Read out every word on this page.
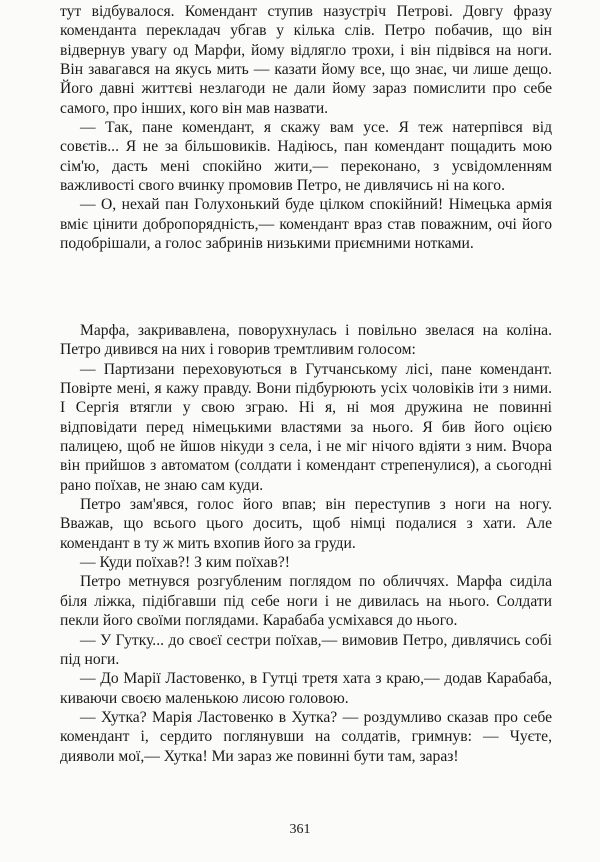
тут відбувалося. Комендант ступив назустріч Петрові. Довгу фразу коменданта перекладач убгав у кілька слів. Петро побачив, що він відвернув увагу од Марфи, йому відлягло трохи, і він підвівся на ноги. Він завагався на якусь мить — казати йому все, що знає, чи лише дещо. Його давні життєві незлагоди не дали йому зараз помислити про себе самого, про інших, кого він мав назвати.

— Так, пане комендант, я скажу вам усе. Я теж натерпівся від совєтів... Я не за більшовиків. Надіюсь, пан комендант пощадить мою сім'ю, дасть мені спокійно жити,— переконано, з усвідомленням важливості свого вчинку промовив Петро, не дивлячись ні на кого.

— О, нехай пан Голухонький буде цілком спокійний! Німецька армія вміє цінити добропорядність,— комендант враз став поважним, очі його подобрішали, а голос забринів низькими приємними нотками.

Марфа, закривавлена, поворухнулась і повільно звелася на коліна. Петро дивився на них і говорив тремтливим голосом:

— Партизани переховуються в Гутчанському лісі, пане комендант. Повірте мені, я кажу правду. Вони підбурюють усіх чоловіків іти з ними. І Сергія втягли у свою зграю. Ні я, ні моя дружина не повинні відповідати перед німецькими властями за нього. Я бив його оцією палицею, щоб не йшов нікуди з села, і не міг нічого вдіяти з ним. Вчора він прийшов з автоматом (солдати і комендант стрепенулися), а сьогодні рано поїхав, не знаю сам куди.

Петро зам'явся, голос його впав; він переступив з ноги на ногу. Вважав, що всього цього досить, щоб німці подалися з хати. Але комендант в ту ж мить вхопив його за груди.

— Куди поїхав?! З ким поїхав?!

Петро метнувся розгубленим поглядом по обличчях. Марфа сиділа біля ліжка, підібгавши під себе ноги і не дивилась на нього. Солдати пекли його своїми поглядами. Карабаба усміхався до нього.

— У Гутку... до своєї сестри поїхав,— вимовив Петро, дивлячись собі під ноги.

— До Марії Ластовенко, в Гутці третя хата з краю,— додав Карабаба, киваючи своєю маленькою лисою головою.

— Хутка? Марія Ластовенко в Хутка? — роздумливо сказав про себе комендант і, сердито поглянувши на солдатів, гримнув: — Чуєте, дияволи мої,— Хутка! Ми зараз же повинні бути там, зараз!

361
